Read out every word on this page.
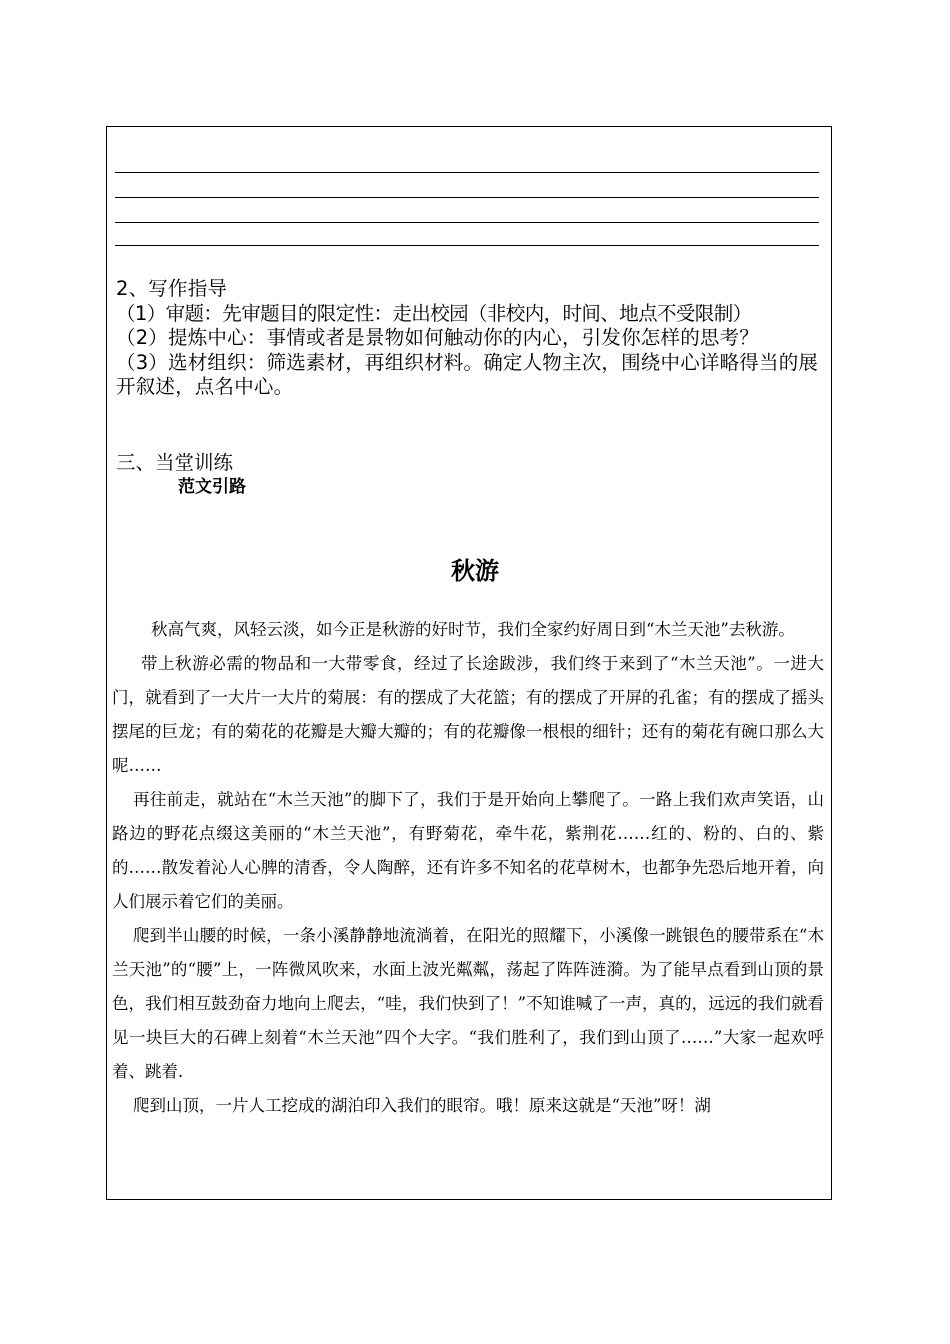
2、写作指导

（1）审题：先审题目的限定性：走出校园（非校内，时间、地点不受限制）

（2）提炼中心：事情或者是景物如何触动你的内心，引发你怎样的思考？

（3）选材组织：筛选素材，再组织材料。确定人物主次，围绕中心详略得当的展开叙述，点名中心。

三、当堂训练
范文引路
秋游

秋高气爽，风轻云淡，如今正是秋游的好时节，我们全家约好周日到“木兰天池”去秋游。

带上秋游必需的物品和一大带零食，经过了长途跋涉，我们终于来到了“木兰天池”。一进大门，就看到了一大片一大片的菊展：有的摆成了大花篮；有的摆成了开屏的孔雀；有的摆成了摇头摆尾的巨龙；有的菊花的花瓣是大瓣大瓣的；有的花瓣像一根根的细针；还有的菊花有碗口那么大呢……

再往前走，就站在“木兰天池”的脚下了，我们于是开始向上攀爬了。一路上我们欢声笑语，山路边的野花点缀这美丽的“木兰天池”，有野菊花，牵牛花，紫荆花……红的、粉的、白的、紫的……散发着沁人心脾的清香，令人陶醉，还有许多不知名的花草树木，也都争先恐后地开着，向人们展示着它们的美丽。

爬到半山腰的时候，一条小溪静静地流淌着，在阳光的照耀下，小溪像一跳银色的腰带系在“木兰天池”的“腰”上，一阵微风吹来，水面上波光粼粼，荡起了阵阵涟漪。为了能早点看到山顶的景色，我们相互鼓劲奋力地向上爬去，“哇，我们快到了！”不知谁喊了一声，真的，远远的我们就看见一块巨大的石碑上刻着“木兰天池”四个大字。“我们胜利了，我们到山顶了……”大家一起欢呼着、跳着.

爬到山顶，一片人工挖成的湖泊印入我们的眼帘。哦！原来这就是“天池”呀！湖
